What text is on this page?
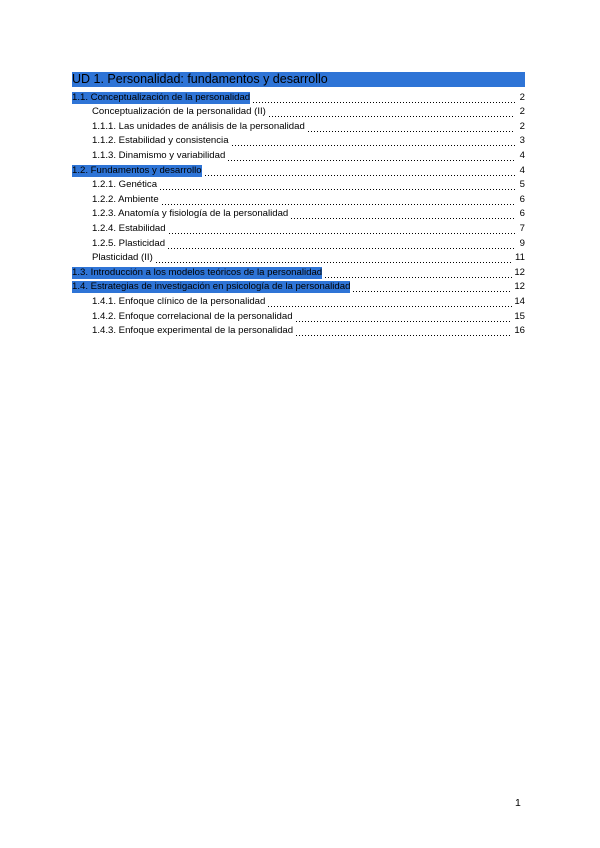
UD 1. Personalidad: fundamentos y desarrollo
1.1. Conceptualización de la personalidad	2
Conceptualización de la personalidad (II)	2
1.1.1. Las unidades de análisis de la personalidad	2
1.1.2. Estabilidad y consistencia	3
1.1.3. Dinamismo y variabilidad	4
1.2. Fundamentos y desarrollo	4
1.2.1. Genética	5
1.2.2. Ambiente	6
1.2.3. Anatomía y fisiología de la personalidad	6
1.2.4. Estabilidad	7
1.2.5. Plasticidad	9
Plasticidad (II)	11
1.3. Introducción a los modelos teóricos de la personalidad	12
1.4. Estrategias de investigación en psicología de la personalidad	12
1.4.1. Enfoque clínico de la personalidad	14
1.4.2. Enfoque correlacional de la personalidad	15
1.4.3. Enfoque experimental de la personalidad	16
1
